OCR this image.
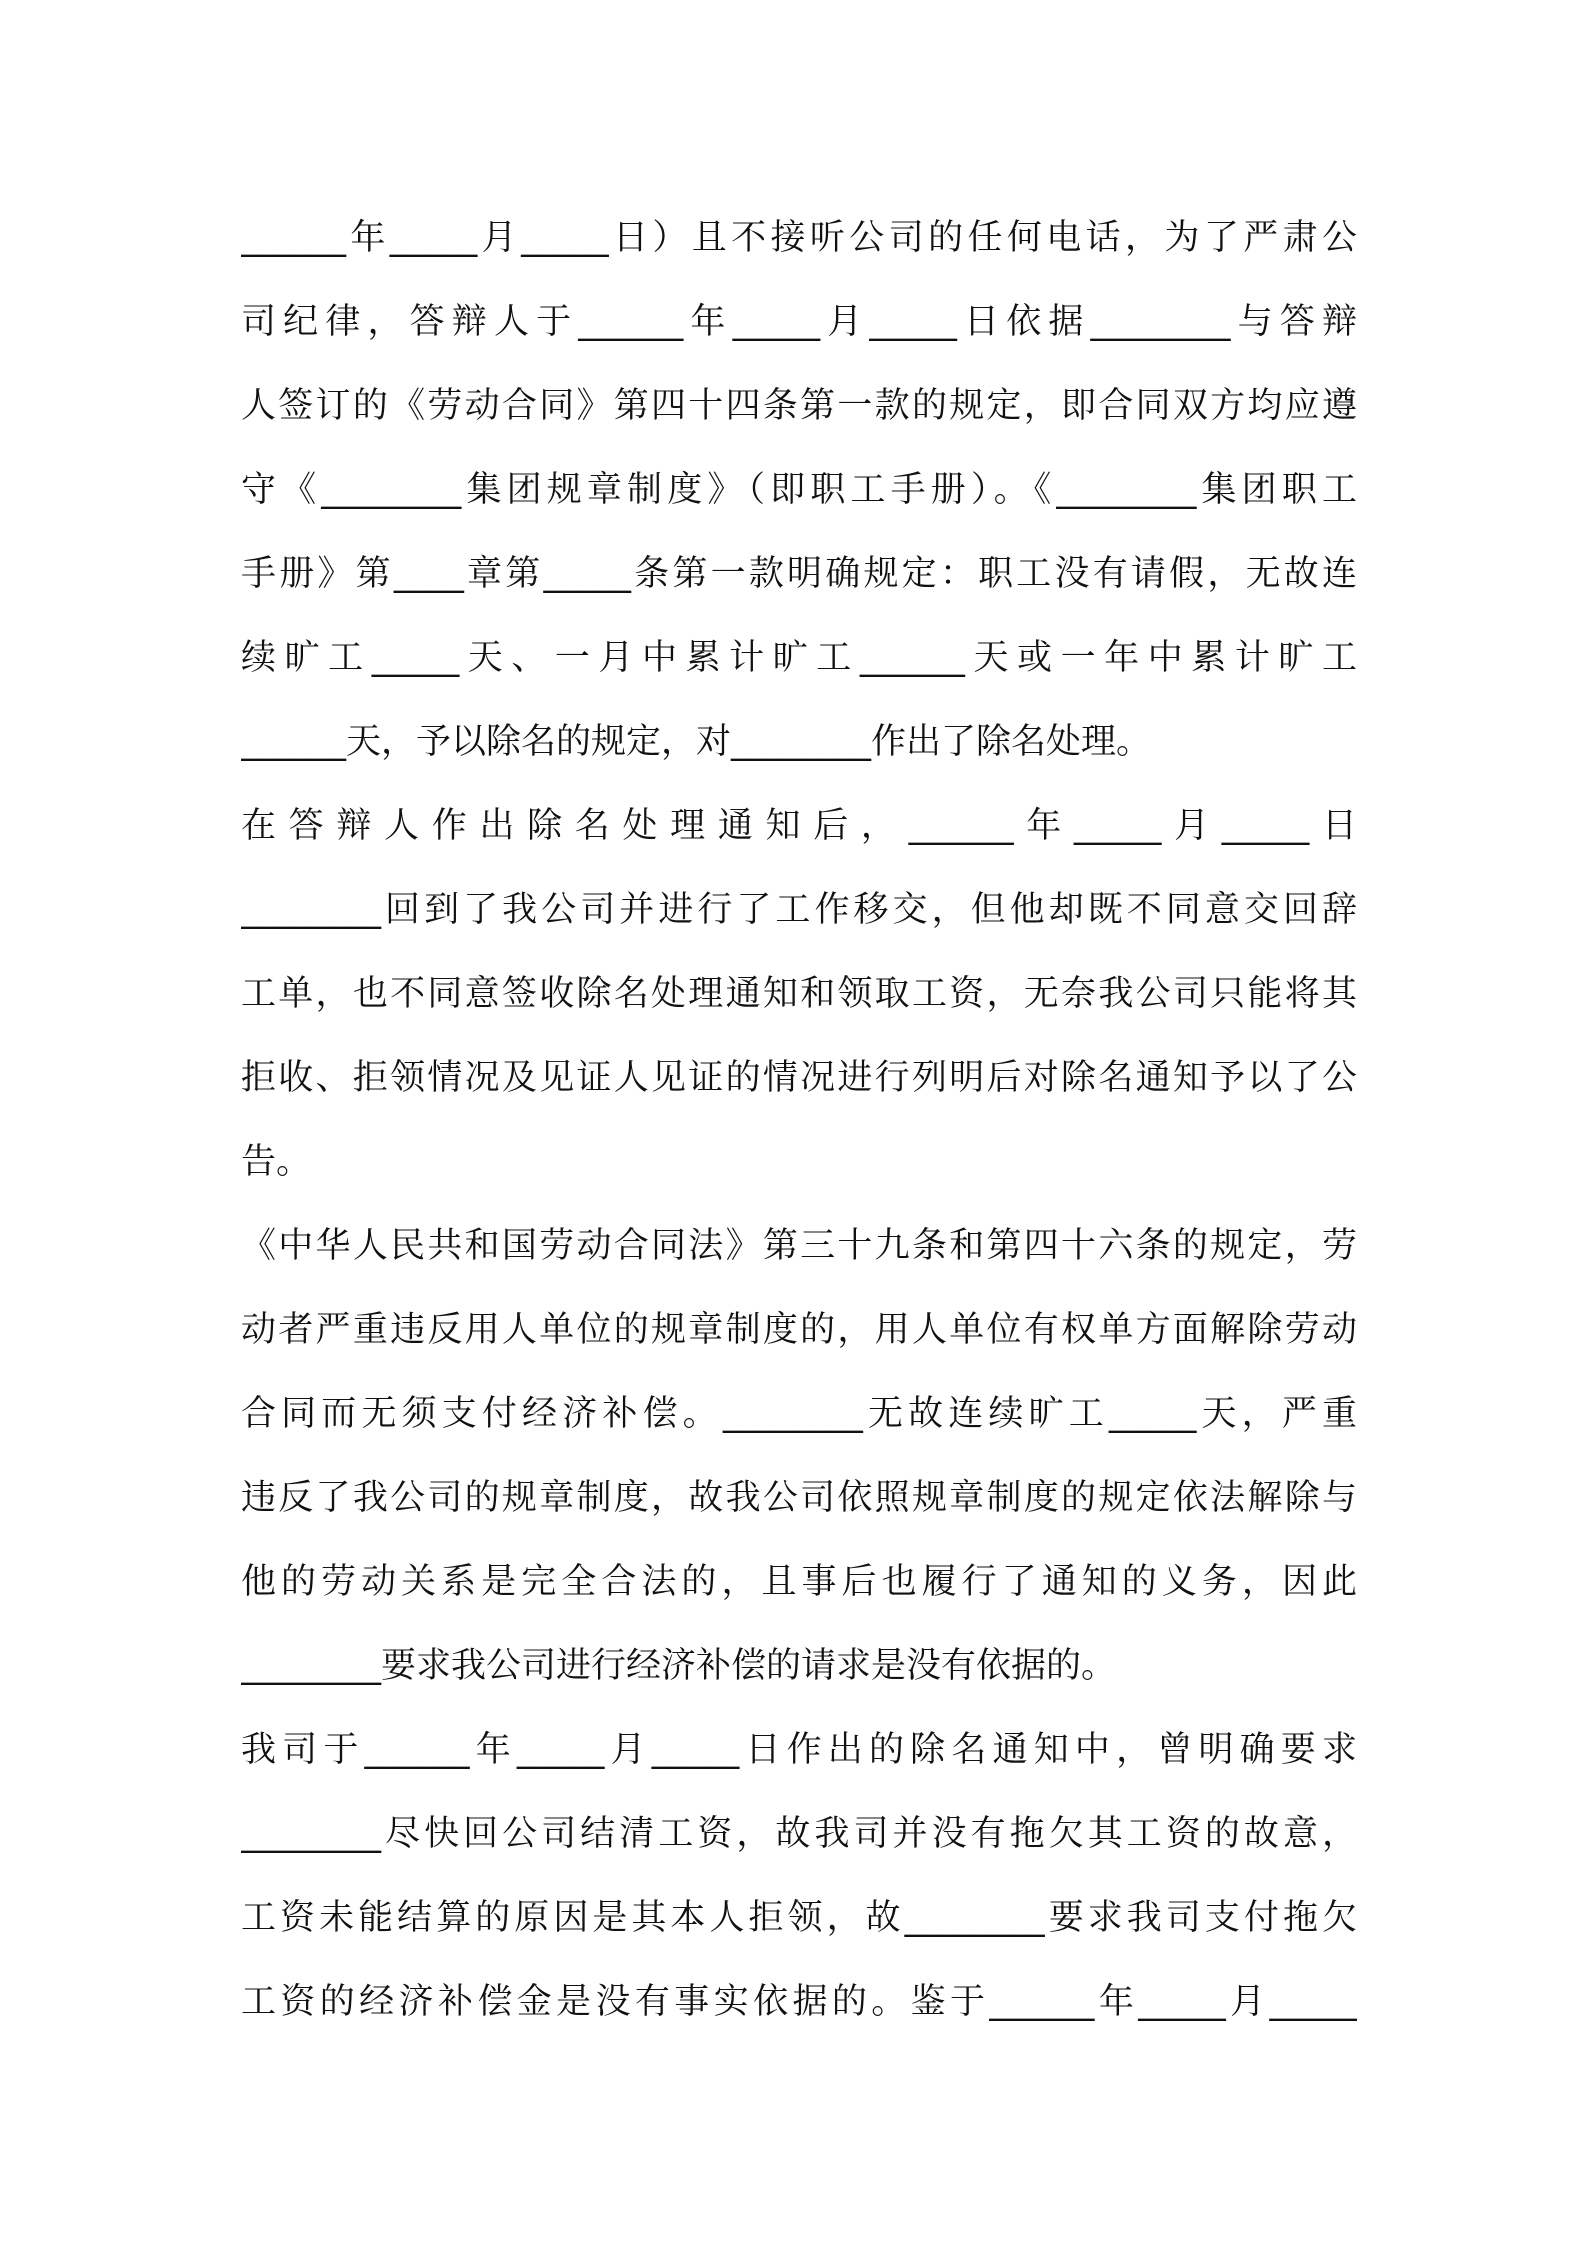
______年_____月_____日）且不接听公司的任何电话，为了严肃公
司纪律，答辩人于______年_____月_____日依据________与答辩
人签订的《劳动合同》第四十四条第一款的规定，即合同双方均应遵
守《________集团规章制度》（即职工手册）。《________集团职工
手册》第____章第_____条第一款明确规定：职工没有请假，无故连
续旷工_____天、一月中累计旷工______天或一年中累计旷工
______天，予以除名的规定，对________作出了除名处理。
在答辩人作出除名处理通知后，______年_____月_____日
________回到了我公司并进行了工作移交，但他却既不同意交回辞
工单，也不同意签收除名处理通知和领取工资，无奈我公司只能将其
拒收、拒领情况及见证人见证的情况进行列明后对除名通知予以了公
告。
《中华人民共和国劳动合同法》第三十九条和第四十六条的规定，劳
动者严重违反用人单位的规章制度的，用人单位有权单方面解除劳动
合同而无须支付经济补偿。________无故连续旷工_____天，严重
违反了我公司的规章制度，故我公司依照规章制度的规定依法解除与
他的劳动关系是完全合法的，且事后也履行了通知的义务，因此
________要求我公司进行经济补偿的请求是没有依据的。
我司于______年_____月_____日作出的除名通知中，曾明确要求
________尽快回公司结清工资，故我司并没有拖欠其工资的故意，
工资未能结算的原因是其本人拒领，故________要求我司支付拖欠
工资的经济补偿金是没有事实依据的。鉴于______年_____月_____
